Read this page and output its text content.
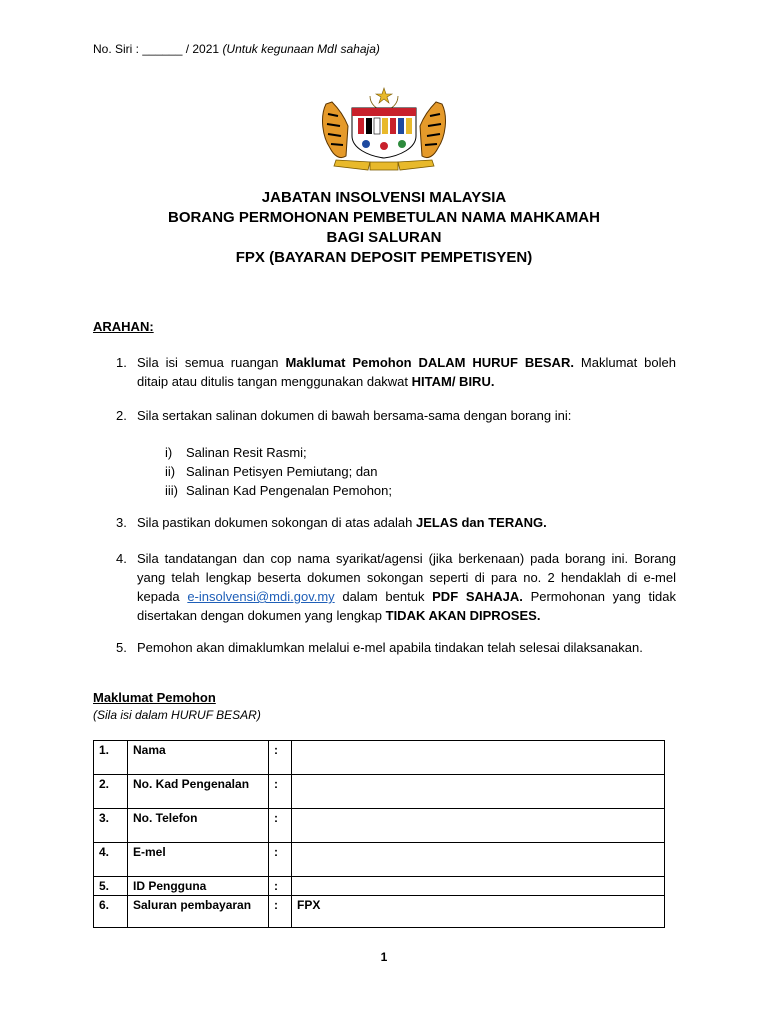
No. Siri : ______ / 2021 (Untuk kegunaan MdI sahaja)
JABATAN INSOLVENSI MALAYSIA
BORANG PERMOHONAN PEMBETULAN NAMA MAHKAMAH
BAGI SALURAN
FPX (BAYARAN DEPOSIT PEMPETISYEN)
ARAHAN:
1. Sila isi semua ruangan Maklumat Pemohon DALAM HURUF BESAR. Maklumat boleh ditaip atau ditulis tangan menggunakan dakwat HITAM/ BIRU.
2. Sila sertakan salinan dokumen di bawah bersama-sama dengan borang ini:
i)	Salinan Resit Rasmi;
ii) Salinan Petisyen Pemiutang; dan
iii) Salinan Kad Pengenalan Pemohon;
3. Sila pastikan dokumen sokongan di atas adalah JELAS dan TERANG.
4. Sila tandatangan dan cop nama syarikat/agensi (jika berkenaan) pada borang ini. Borang yang telah lengkap beserta dokumen sokongan seperti di para no. 2 hendaklah di e-mel kepada e-insolvensi@mdi.gov.my dalam bentuk PDF SAHAJA. Permohonan yang tidak disertakan dengan dokumen yang lengkap TIDAK AKAN DIPROSES.
5. Pemohon akan dimaklumkan melalui e-mel apabila tindakan telah selesai dilaksanakan.
Maklumat Pemohon
(Sila isi dalam HURUF BESAR)
1.	Nama	:	
2.	No. Kad Pengenalan	:	
3.	No. Telefon	:	
4.	E-mel	:	
5.	ID Pengguna	:	
6.	Saluran pembayaran	:	FPX
1
